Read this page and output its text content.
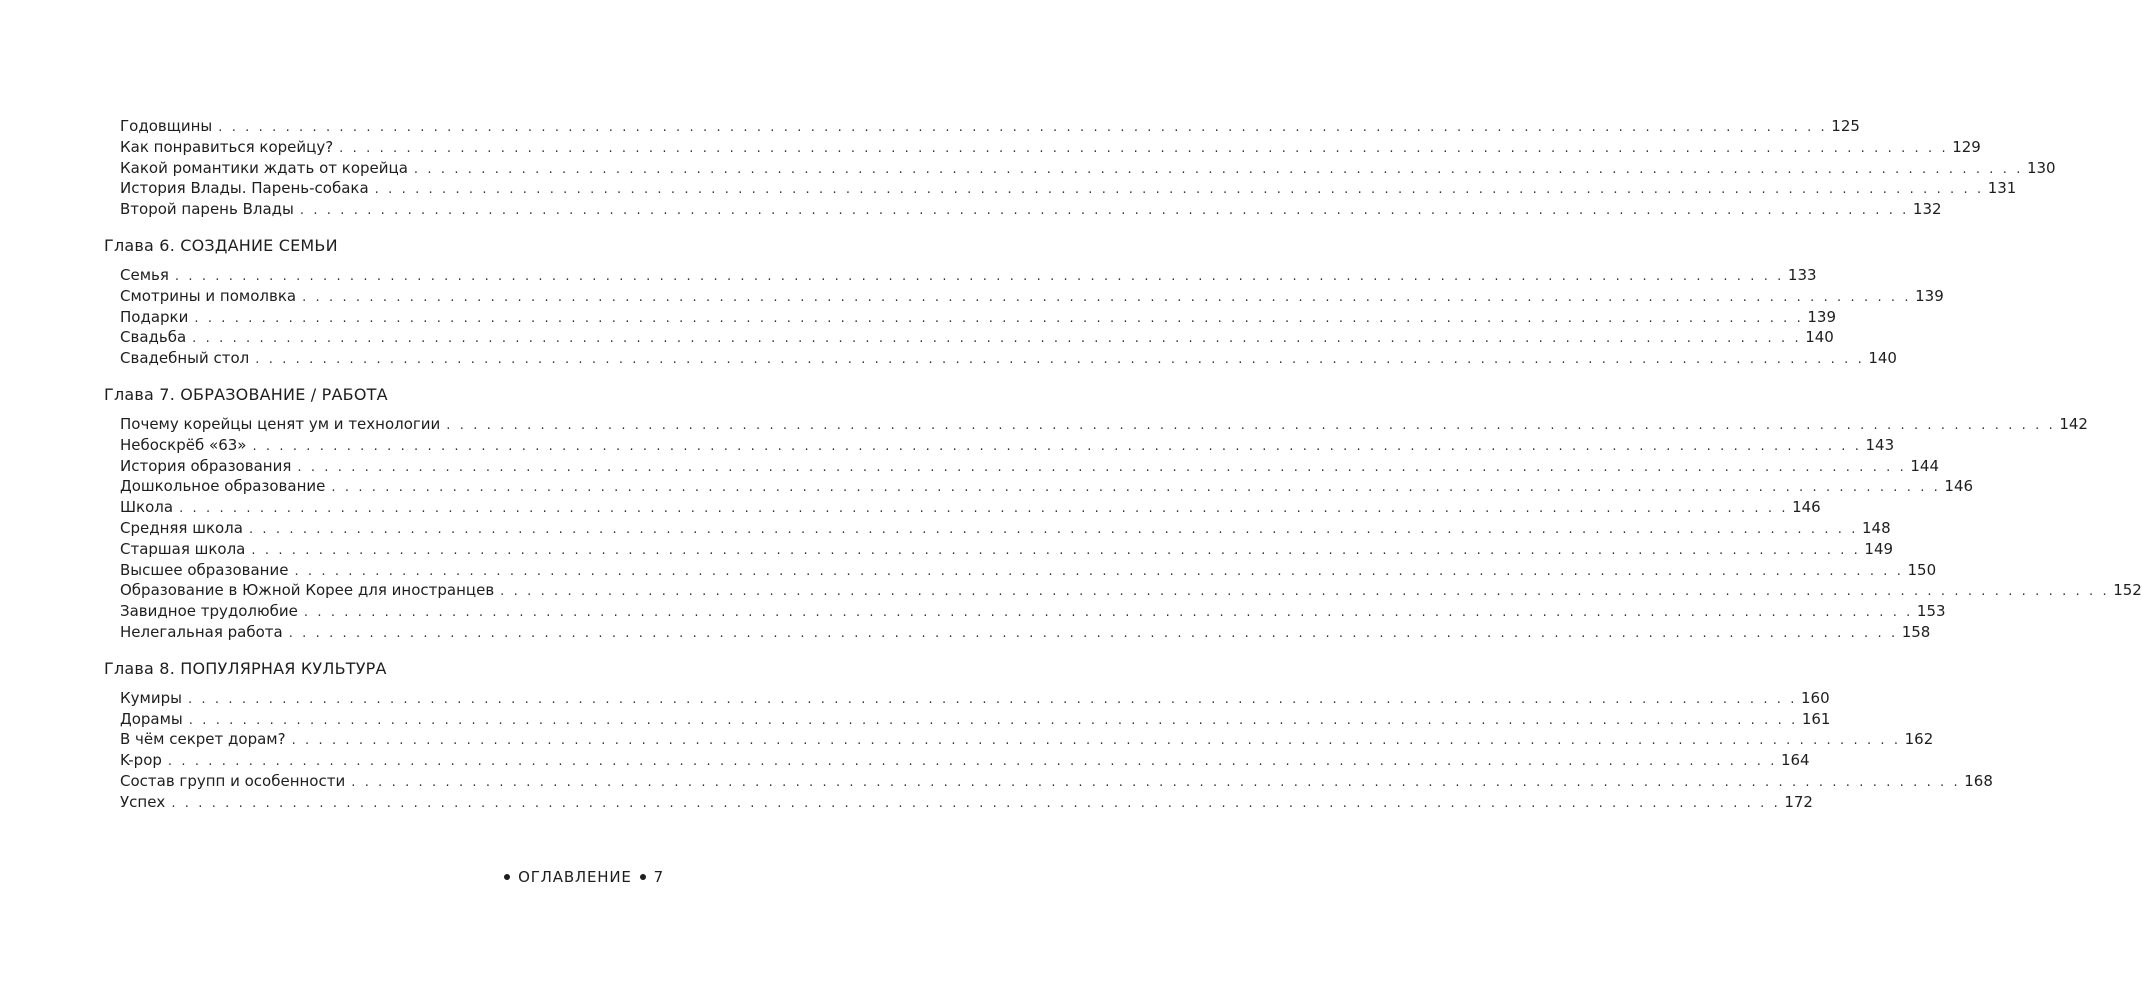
Годовщины . . . . . . . . . . . . . . . . . . . . . . . . . . . . . . . . . . . . . . . . . . . . . . . . . . . . . . . . . . . . . . . . . . . . . . . . . . . . . . . . . . . . . . . . . . . . . . . . . . . . . . . . . . . . . . . . . . . . . . . . 125
Как понравиться корейцу? . . . . . . . . . . . . . . . . . . . . . . . . . . . . . . . . . . . . . . . . . . . . . . . . . . . . . . . . . . . . . . . . . . . . . . . . . . . . . . . . . . . . . . . . . . . . . . . . . . . . . . . . . . . . . . . . . . . . . . . . 129
Какой романтики ждать от корейца . . . . . . . . . . . . . . . . . . . . . . . . . . . . . . . . . . . . . . . . . . . . . . . . . . . . . . . . . . . . . . . . . . . . . . . . . . . . . . . . . . . . . . . . . . . . . . . . . . . . . . . . . . . . . . . . . . . . . . . . 130
История Влады. Парень-собака . . . . . . . . . . . . . . . . . . . . . . . . . . . . . . . . . . . . . . . . . . . . . . . . . . . . . . . . . . . . . . . . . . . . . . . . . . . . . . . . . . . . . . . . . . . . . . . . . . . . . . . . . . . . . . . . . . . . . . . . 131
Второй парень Влады . . . . . . . . . . . . . . . . . . . . . . . . . . . . . . . . . . . . . . . . . . . . . . . . . . . . . . . . . . . . . . . . . . . . . . . . . . . . . . . . . . . . . . . . . . . . . . . . . . . . . . . . . . . . . . . . . . . . . . . . 132
Глава 6. СОЗДАНИЕ СЕМЬИ
Семья . . . . . . . . . . . . . . . . . . . . . . . . . . . . . . . . . . . . . . . . . . . . . . . . . . . . . . . . . . . . . . . . . . . . . . . . . . . . . . . . . . . . . . . . . . . . . . . . . . . . . . . . . . . . . . . . . . . . . . . . 133
Смотрины и помолвка . . . . . . . . . . . . . . . . . . . . . . . . . . . . . . . . . . . . . . . . . . . . . . . . . . . . . . . . . . . . . . . . . . . . . . . . . . . . . . . . . . . . . . . . . . . . . . . . . . . . . . . . . . . . . . . . . . . . . . . . 139
Подарки . . . . . . . . . . . . . . . . . . . . . . . . . . . . . . . . . . . . . . . . . . . . . . . . . . . . . . . . . . . . . . . . . . . . . . . . . . . . . . . . . . . . . . . . . . . . . . . . . . . . . . . . . . . . . . . . . . . . . . . . 139
Свадьба . . . . . . . . . . . . . . . . . . . . . . . . . . . . . . . . . . . . . . . . . . . . . . . . . . . . . . . . . . . . . . . . . . . . . . . . . . . . . . . . . . . . . . . . . . . . . . . . . . . . . . . . . . . . . . . . . . . . . . . . 140
Свадебный стол . . . . . . . . . . . . . . . . . . . . . . . . . . . . . . . . . . . . . . . . . . . . . . . . . . . . . . . . . . . . . . . . . . . . . . . . . . . . . . . . . . . . . . . . . . . . . . . . . . . . . . . . . . . . . . . . . . . . . . . . 140
Глава 7. ОБРАЗОВАНИЕ / РАБОТА
Почему корейцы ценят ум и технологии . . . . . . . . . . . . . . . . . . . . . . . . . . . . . . . . . . . . . . . . . . . . . . . . . . . . . . . . . . . . . . . . . . . . . . . . . . . . . . . . . . . . . . . . . . . . . . . . . . . . . . . . . . . . . . . . . . . . . . . . 142
Небоскрёб «63» . . . . . . . . . . . . . . . . . . . . . . . . . . . . . . . . . . . . . . . . . . . . . . . . . . . . . . . . . . . . . . . . . . . . . . . . . . . . . . . . . . . . . . . . . . . . . . . . . . . . . . . . . . . . . . . . . . . . . . . . 143
История образования . . . . . . . . . . . . . . . . . . . . . . . . . . . . . . . . . . . . . . . . . . . . . . . . . . . . . . . . . . . . . . . . . . . . . . . . . . . . . . . . . . . . . . . . . . . . . . . . . . . . . . . . . . . . . . . . . . . . . . . . 144
Дошкольное образование . . . . . . . . . . . . . . . . . . . . . . . . . . . . . . . . . . . . . . . . . . . . . . . . . . . . . . . . . . . . . . . . . . . . . . . . . . . . . . . . . . . . . . . . . . . . . . . . . . . . . . . . . . . . . . . . . . . . . . . . 146
Школа . . . . . . . . . . . . . . . . . . . . . . . . . . . . . . . . . . . . . . . . . . . . . . . . . . . . . . . . . . . . . . . . . . . . . . . . . . . . . . . . . . . . . . . . . . . . . . . . . . . . . . . . . . . . . . . . . . . . . . . . 146
Средняя школа . . . . . . . . . . . . . . . . . . . . . . . . . . . . . . . . . . . . . . . . . . . . . . . . . . . . . . . . . . . . . . . . . . . . . . . . . . . . . . . . . . . . . . . . . . . . . . . . . . . . . . . . . . . . . . . . . . . . . . . . 148
Старшая школа . . . . . . . . . . . . . . . . . . . . . . . . . . . . . . . . . . . . . . . . . . . . . . . . . . . . . . . . . . . . . . . . . . . . . . . . . . . . . . . . . . . . . . . . . . . . . . . . . . . . . . . . . . . . . . . . . . . . . . . . 149
Высшее образование . . . . . . . . . . . . . . . . . . . . . . . . . . . . . . . . . . . . . . . . . . . . . . . . . . . . . . . . . . . . . . . . . . . . . . . . . . . . . . . . . . . . . . . . . . . . . . . . . . . . . . . . . . . . . . . . . . . . . . . . 150
Образование в Южной Корее для иностранцев . . . . . . . . . . . . . . . . . . . . . . . . . . . . . . . . . . . . . . . . . . . . . . . . . . . . . . . . . . . . . . . . . . . . . . . . . . . . . . . . . . . . . . . . . . . . . . . . . . . . . . . . . . . . . . . . . . . . . . . . 152
Завидное трудолюбие . . . . . . . . . . . . . . . . . . . . . . . . . . . . . . . . . . . . . . . . . . . . . . . . . . . . . . . . . . . . . . . . . . . . . . . . . . . . . . . . . . . . . . . . . . . . . . . . . . . . . . . . . . . . . . . . . . . . . . . . 153
Нелегальная работа . . . . . . . . . . . . . . . . . . . . . . . . . . . . . . . . . . . . . . . . . . . . . . . . . . . . . . . . . . . . . . . . . . . . . . . . . . . . . . . . . . . . . . . . . . . . . . . . . . . . . . . . . . . . . . . . . . . . . . . . 158
Глава 8. ПОПУЛЯРНАЯ КУЛЬТУРА
Кумиры . . . . . . . . . . . . . . . . . . . . . . . . . . . . . . . . . . . . . . . . . . . . . . . . . . . . . . . . . . . . . . . . . . . . . . . . . . . . . . . . . . . . . . . . . . . . . . . . . . . . . . . . . . . . . . . . . . . . . . . . 160
Дорамы . . . . . . . . . . . . . . . . . . . . . . . . . . . . . . . . . . . . . . . . . . . . . . . . . . . . . . . . . . . . . . . . . . . . . . . . . . . . . . . . . . . . . . . . . . . . . . . . . . . . . . . . . . . . . . . . . . . . . . . . 161
В чём секрет дорам? . . . . . . . . . . . . . . . . . . . . . . . . . . . . . . . . . . . . . . . . . . . . . . . . . . . . . . . . . . . . . . . . . . . . . . . . . . . . . . . . . . . . . . . . . . . . . . . . . . . . . . . . . . . . . . . . . . . . . . . . 162
K-pop . . . . . . . . . . . . . . . . . . . . . . . . . . . . . . . . . . . . . . . . . . . . . . . . . . . . . . . . . . . . . . . . . . . . . . . . . . . . . . . . . . . . . . . . . . . . . . . . . . . . . . . . . . . . . . . . . . . . . . . . 164
Состав групп и особенности . . . . . . . . . . . . . . . . . . . . . . . . . . . . . . . . . . . . . . . . . . . . . . . . . . . . . . . . . . . . . . . . . . . . . . . . . . . . . . . . . . . . . . . . . . . . . . . . . . . . . . . . . . . . . . . . . . . . . . . . 168
Успех . . . . . . . . . . . . . . . . . . . . . . . . . . . . . . . . . . . . . . . . . . . . . . . . . . . . . . . . . . . . . . . . . . . . . . . . . . . . . . . . . . . . . . . . . . . . . . . . . . . . . . . . . . . . . . . . . . . . . . . . 172
ОГЛАВЛЕНИЕ 7
